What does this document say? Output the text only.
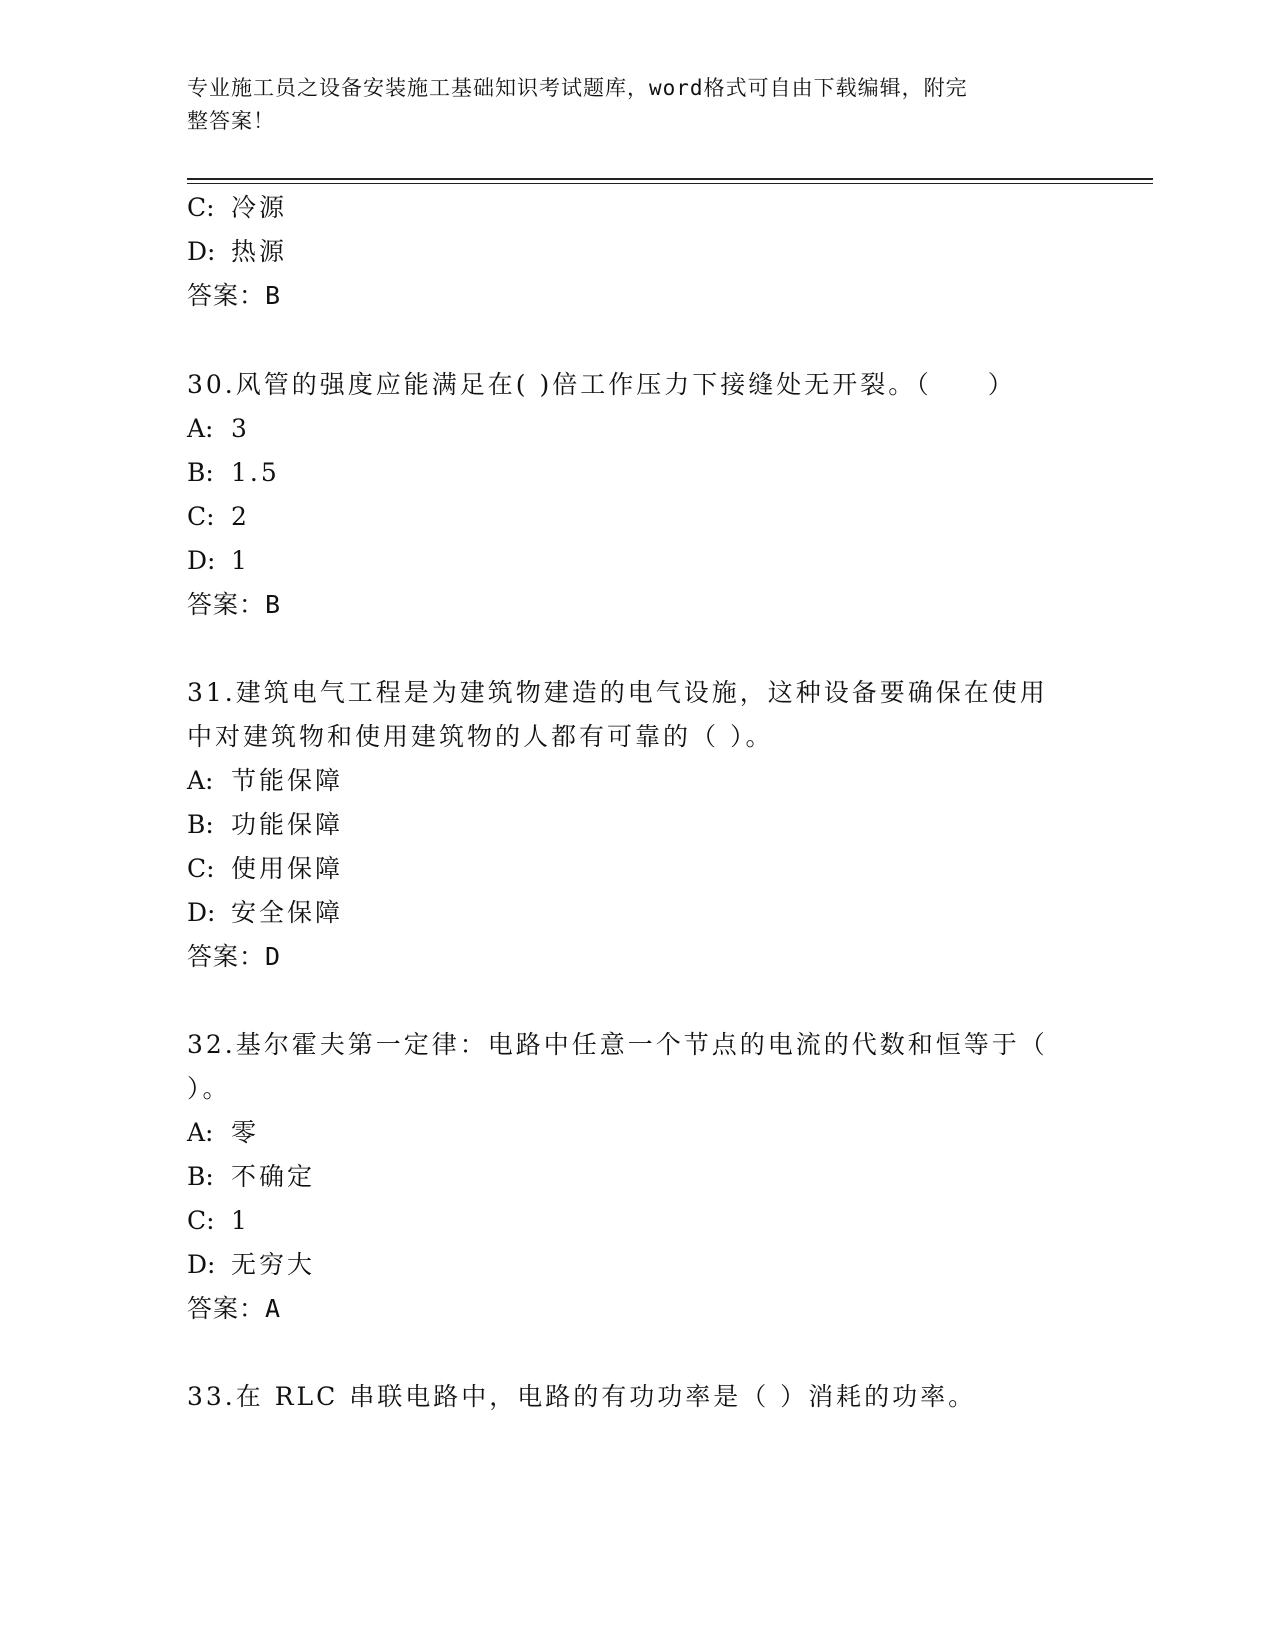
专业施工员之设备安装施工基础知识考试题库，word格式可自由下载编辑，附完
整答案！
C: 冷源
D: 热源
答案：B
30.风管的强度应能满足在( )倍工作压力下接缝处无开裂。（　　）
A: 3
B: 1.5
C: 2
D: 1
答案：B
31.建筑电气工程是为建筑物建造的电气设施，这种设备要确保在使用
中对建筑物和使用建筑物的人都有可靠的（ ）。
A: 节能保障
B: 功能保障
C: 使用保障
D: 安全保障
答案：D
32.基尔霍夫第一定律：电路中任意一个节点的电流的代数和恒等于（
）。
A: 零
B: 不确定
C: 1
D: 无穷大
答案：A
33.在 RLC 串联电路中，电路的有功功率是（ ）消耗的功率。
